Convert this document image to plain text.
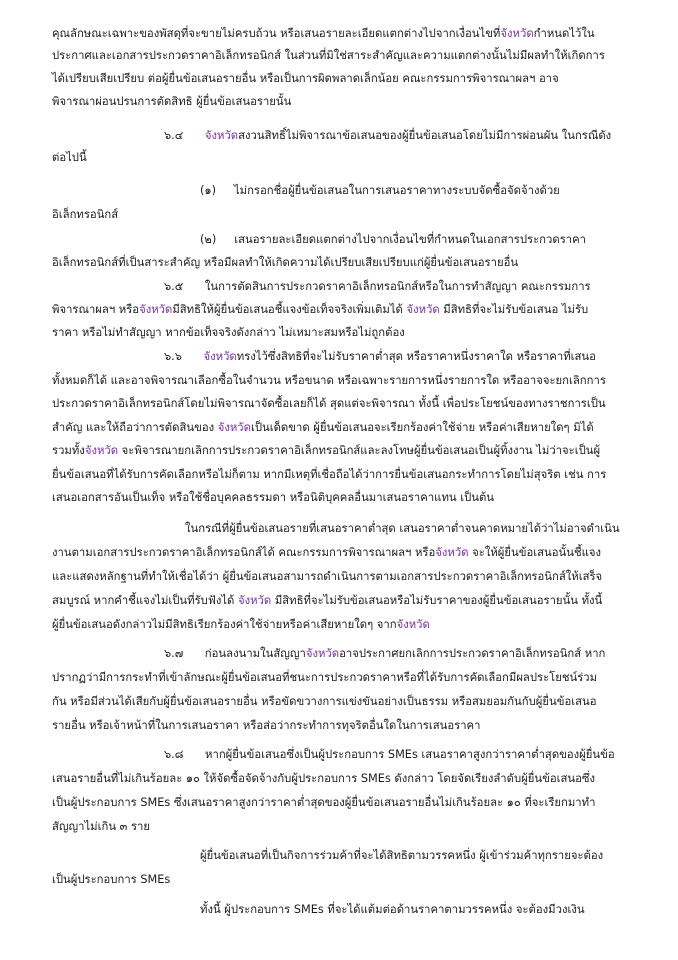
คุณลักษณะเฉพาะของพัสดุที่จะขายไม่ครบถ้วน หรือเสนอรายละเอียดแตกต่างไปจากเงื่อนไขที่จังหวัดกำหนดไว้ใน
ประกาศและเอกสารประกวดราคาอิเล็กทรอนิกส์ ในส่วนที่มิใช่สาระสำคัญและความแตกต่างนั้นไม่มีผลทำให้เกิดการ
ได้เปรียบเสียเปรียบ ต่อผู้ยื่นข้อเสนอรายอื่น หรือเป็นการผิดพลาดเล็กน้อย คณะกรรมการพิจารณาผลฯ อาจ
พิจารณาผ่อนปรนการตัดสิทธิ ผู้ยื่นข้อเสนอรายนั้น
๖.๔ จังหวัดสงวนสิทธิ์ไม่พิจารณาข้อเสนอของผู้ยื่นข้อเสนอโดยไม่มีการผ่อนผัน ในกรณีดัง
ต่อไปนี้
(๑)     ไม่กรอกชื่อผู้ยื่นข้อเสนอในการเสนอราคาทางระบบจัดซื้อจัดจ้างด้วย
อิเล็กทรอนิกส์
(๒)     เสนอรายละเอียดแตกต่างไปจากเงื่อนไขที่กำหนดในเอกสารประกวดราคา
อิเล็กทรอนิกส์ที่เป็นสาระสำคัญ หรือมีผลทำให้เกิดความได้เปรียบเสียเปรียบแก่ผู้ยื่นข้อเสนอรายอื่น
๖.๕      ในการตัดสินการประกวดราคาอิเล็กทรอนิกส์หรือในการทำสัญญา คณะกรรมการ
พิจารณาผลฯ หรือจังหวัดมีสิทธิให้ผู้ยื่นข้อเสนอชี้แจงข้อเท็จจริงเพิ่มเติมได้ จังหวัด มีสิทธิที่จะไม่รับข้อเสนอ ไม่รับ
ราคา หรือไม่ทำสัญญา หากข้อเท็จจริงดังกล่าว ไม่เหมาะสมหรือไม่ถูกต้อง
๖.๖ จังหวัดทรงไว้ซึ่งสิทธิที่จะไม่รับราคาต่ำสุด หรือราคาหนึ่งราคาใด หรือราคาที่เสนอ
ทั้งหมดก็ได้ และอาจพิจารณาเลือกซื้อในจำนวน หรือขนาด หรือเฉพาะรายการหนึ่งรายการใด หรืออาจจะยกเลิกการ
ประกวดราคาอิเล็กทรอนิกส์โดยไม่พิจารณาจัดซื้อเลยก็ได้ สุดแต่จะพิจารณา ทั้งนี้ เพื่อประโยชน์ของทางราชการเป็น
สำคัญ และให้ถือว่าการตัดสินของ จังหวัดเป็นเด็ดขาด ผู้ยื่นข้อเสนอจะเรียกร้องค่าใช้จ่าย หรือค่าเสียหายใดๆ มิได้
รวมทั้งจังหวัด จะพิจารณายกเลิกการประกวดราคาอิเล็กทรอนิกส์และลงโทษผู้ยื่นข้อเสนอเป็นผู้ทิ้งงาน ไม่ว่าจะเป็นผู้
ยื่นข้อเสนอที่ได้รับการคัดเลือกหรือไม่ก็ตาม หากมีเหตุที่เชื่อถือได้ว่าการยื่นข้อเสนอกระทำการโดยไม่สุจริต เช่น การ
เสนอเอกสารอันเป็นเท็จ หรือใช้ชื่อบุคคลธรรมดา หรือนิติบุคคลอื่นมาเสนอราคาแทน เป็นต้น
ในกรณีที่ผู้ยื่นข้อเสนอรายที่เสนอราคาต่ำสุด เสนอราคาต่ำจนคาดหมายได้ว่าไม่อาจดำเนิน
งานตามเอกสารประกวดราคาอิเล็กทรอนิกส์ได้ คณะกรรมการพิจารณาผลฯ หรือจังหวัด จะให้ผู้ยื่นข้อเสนอนั้นชี้แจง
และแสดงหลักฐานที่ทำให้เชื่อได้ว่า ผู้ยื่นข้อเสนอสามารถดำเนินการตามเอกสารประกวดราคาอิเล็กทรอนิกส์ให้เสร็จ
สมบูรณ์ หากคำชี้แจงไม่เป็นที่รับฟังได้ จังหวัด มีสิทธิที่จะไม่รับข้อเสนอหรือไม่รับราคาของผู้ยื่นข้อเสนอรายนั้น ทั้งนี้
ผู้ยื่นข้อเสนอดังกล่าวไม่มีสิทธิเรียกร้องค่าใช้จ่ายหรือค่าเสียหายใดๆ จากจังหวัด
๖.๗      ก่อนลงนามในสัญญาจังหวัดอาจประกาศยกเลิกการประกวดราคาอิเล็กทรอนิกส์ หาก
ปรากฏว่ามีการกระทำที่เข้าลักษณะผู้ยื่นข้อเสนอที่ชนะการประกวดราคาหรือที่ได้รับการคัดเลือกมีผลประโยชน์ร่วม
กัน หรือมีส่วนได้เสียกับผู้ยื่นข้อเสนอรายอื่น หรือขัดขวางการแข่งขันอย่างเป็นธรรม หรือสมยอมกันกับผู้ยื่นข้อเสนอ
รายอื่น หรือเจ้าหน้าที่ในการเสนอราคา หรือส่อว่ากระทำการทุจริตอื่นใดในการเสนอราคา
๖.๘      หากผู้ยื่นข้อเสนอซึ่งเป็นผู้ประกอบการ SMEs เสนอราคาสูงกว่าราคาต่ำสุดของผู้ยื่นข้อ
เสนอรายอื่นที่ไม่เกินร้อยละ ๑๐ ให้จัดซื้อจัดจ้างกับผู้ประกอบการ SMEs ดังกล่าว โดยจัดเรียงลำดับผู้ยื่นข้อเสนอซึ่ง
เป็นผู้ประกอบการ SMEs ซึ่งเสนอราคาสูงกว่าราคาต่ำสุดของผู้ยื่นข้อเสนอรายอื่นไม่เกินร้อยละ ๑๐ ที่จะเรียกมาทำ
สัญญาไม่เกิน ๓ ราย
ผู้ยื่นข้อเสนอที่เป็นกิจการร่วมค้าที่จะได้สิทธิตามวรรคหนึ่ง ผู้เข้าร่วมค้าทุกรายจะต้อง
เป็นผู้ประกอบการ SMEs
ทั้งนี้ ผู้ประกอบการ SMEs ที่จะได้แต้มต่อด้านราคาตามวรรคหนึ่ง จะต้องมีวงเงิน
